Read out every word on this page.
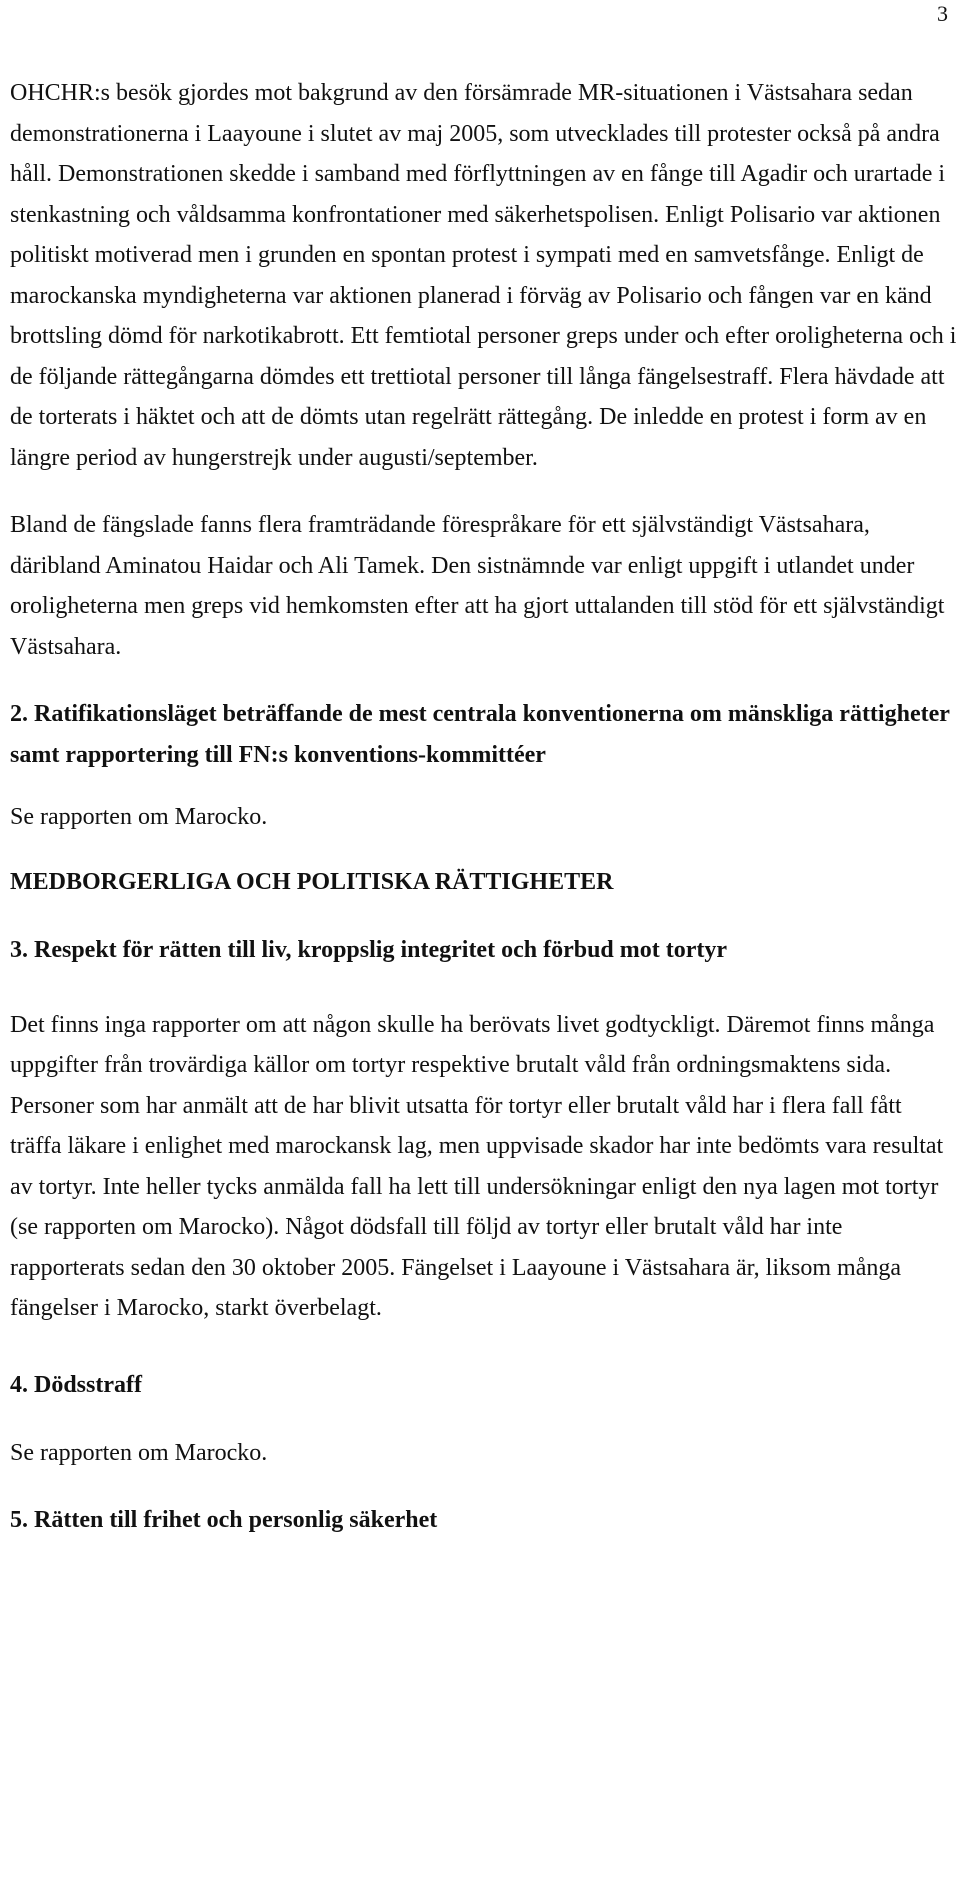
3

OHCHR:s besök gjordes mot bakgrund av den försämrade MR-situationen i Västsahara sedan demonstrationerna i Laayoune i slutet av maj 2005, som utvecklades till protester också på andra håll. Demonstrationen skedde i samband med förflyttningen av en fånge till Agadir och urartade i stenkastning och våldsamma konfrontationer med säkerhetspolisen. Enligt Polisario var aktionen politiskt motiverad men i grunden en spontan protest i sympati med en samvetsfånge. Enligt de marockanska myndigheterna var aktionen planerad i förväg av Polisario och fången var en känd brottsling dömd för narkotikabrott. Ett femtiotal personer greps under och efter oroligheterna och i de följande rättegångarna dömdes ett trettiotal personer till långa fängelsestraff. Flera hävdade att de torterats i häktet och att de dömts utan regelrätt rättegång. De inledde en protest i form av en längre period av hungerstrejk under augusti/september.

Bland de fängslade fanns flera framträdande förespråkare för ett självständigt Västsahara, däribland Aminatou Haidar och Ali Tamek. Den sistnämnde var enligt uppgift i utlandet under oroligheterna men greps vid hemkomsten efter att ha gjort uttalanden till stöd för ett självständigt Västsahara.

2. Ratifikationsläget beträffande de mest centrala konventionerna om mänskliga rättigheter samt rapportering till FN:s konventions-kommittéer

Se rapporten om Marocko.

MEDBORGERLIGA OCH POLITISKA RÄTTIGHETER
3. Respekt för rätten till liv, kroppslig integritet och förbud mot tortyr

Det finns inga rapporter om att någon skulle ha berövats livet godtyckligt. Däremot finns många uppgifter från trovärdiga källor om tortyr respektive brutalt våld från ordningsmaktens sida. Personer som har anmält att de har blivit utsatta för tortyr eller brutalt våld har i flera fall fått träffa läkare i enlighet med marockansk lag, men uppvisade skador har inte bedömts vara resultat av tortyr. Inte heller tycks anmälda fall ha lett till undersökningar enligt den nya lagen mot tortyr (se rapporten om Marocko). Något dödsfall till följd av tortyr eller brutalt våld har inte rapporterats sedan den 30 oktober 2005. Fängelset i Laayoune i Västsahara är, liksom många fängelser i Marocko, starkt överbelagt.

4. Dödsstraff

Se rapporten om Marocko.

5. Rätten till frihet och personlig säkerhet
